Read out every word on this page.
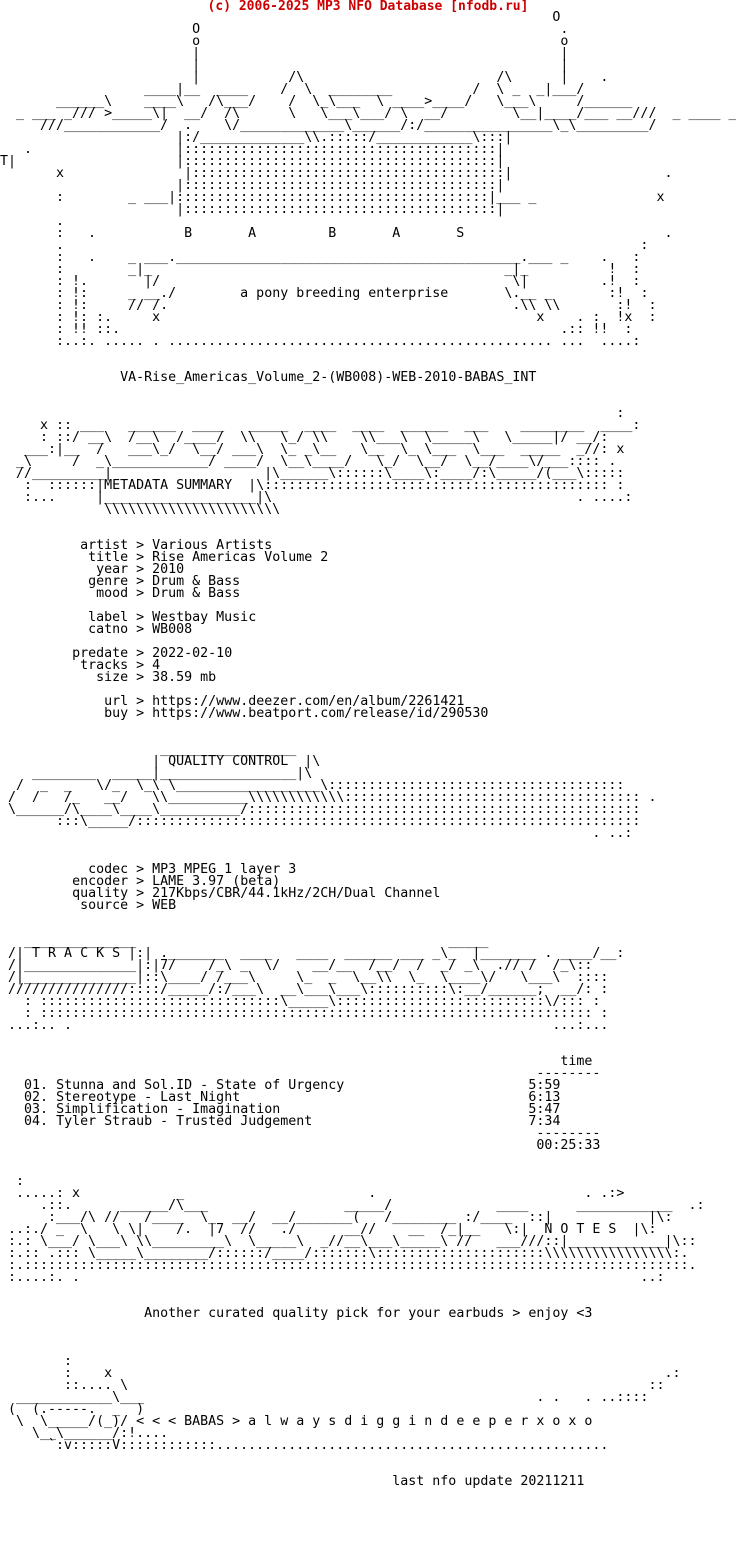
(c) 2006-2025 MP3 NFO Database [nfodb.ru]
O
O                                             .
o                                             o
|                                             |
|                                             |
|           /\                        /\      |    .
____|__  ____    /  \  ________          /  \ _  _|___/
______\    ____\   /\___/    /  \_\___  \ ____>____/   \___\     /______
_ ___ _/// >_____\|  __/  /\      \   \___\___/ \  __/        \__|____/___ __///  _ ____ _
///____________/  .    \/_____________\______/:/________________\_\_________/
|:/_____________\\.:::::/____________\:::|
.                  |:::::::::::::::::::::::::::::::::::::::|
T|                    |:::::::::::::::::::::::::::::::::::::::|
x               |:::::::::::::::::::::::::::::::::::::::|                   .
|:::::::::::::::::::::::::::::::::::::::|
:        _ ___|:::::::::::::::::::::::::::::::::::::::|___ _               x
|:::::::::::::::::::::::::::::::::::::::|
.
:   .	B       A         B       A       S	.
.                                                                        :
:   .    _ ___.___________________________________________.___ _    .   :
:        _|_                                            _|_          !  :
: !.       |/                                            \|         .!  :
: !:     _ __./	a pony breeding enterprise	\.__ _       :!  :
: !:     // /.                                           .\\ \\       :!  :
: !: :.     x                                               x    . :  !x  :
: !! ::.                                                       .:: !!  :
:..:. ..... . ................................................ ...  ....:

VA-Rise_Americas_Volume_2-(WB008)-WEB-2010-BABAS_INT

:
x :: ___   ______  ____   _____  ____  ____  ______  ___    ________  ____:
: ::/ __\  /__\  /____/  \\   \_/ \\    \\___\  \_____\   \_____|/ __/:
___:|__  /   ___\_/  \__/ ___\  \_ _\__   \__  \_ \___  \___  _____  _//: x
_\     /  _\____________/ ____/  \__\____/   \_/  \__/  \__/____\/___:::: .
//_________|                   |\______\::::::\____\:____/:\_____/(___\:::::
:  ::::::|METADATA SUMMARY  |\::::::::::::::::::::::::::::::::::::::::::: :
:...     |___________________|\                                      . ....:
\\\\\\\\\\\\\\\\\\\\\\

artist > Various Artists
title > Rise Americas Volume 2
year > 2010
genre > Drum & Bass
mood > Drum & Bass

label > Westbay Music
catno > WB008

predate > 2022-02-10
tracks > 4
size > 38.59 mb

url > https://www.deezer.com/en/album/2261421
buy > https://www.beatport.com/release/id/290530

_________________
| QUALITY CONTROL  |\
________  _____|_________________|\
/  _  _   \/_  \_\ \__________________\:::::::::::::::::::::::::::::::::::::
/  /   /_   __/   \\__________\\\\\\\\\\\\::::::::::::::::::::::::::::::::::::: .
\______/\____\____\__________/:::::::::::::::::::::::::::::::::::::::::::::::::
:::\_____/:::::::::::::::::::::::::::::::::::::::::::::::::::::::::::::::
. ..:

codec > MP3 MPEG 1 layer 3
encoder > LAME 3.97 (beta)
quality > 217Kbps/CBR/44.1kHz/2CH/Dual Channel
source > WEB

______________                                       _____
/| T R A C K S |:| ._______  ____   ____  ______ ___ _\_  |_______ . ____/__:
/|______________|:|7/    /_\ _  \/    __/__  /__/  /  _/ _\  .// /  /_\::
/|______________|::\____/ /___\     \_  _  \__\\  \_  \____\/   \___\  ::::
///////////////::::/_____/:/___\  __\___\___\::::::::::\:__/______;  __/: :
: ::::::::::::::::::::::::::::::\_____\::::::::::::::::::::::::::\/::: :
: ::::::::::::::::::::::::::::::::::::::::::::::::::::::::::::::::::::: :
...:.. .                                                            ...:...

time
--------
01. Stunna and Sol.ID - State of Urgency	5:59
02. Stereotype - Last Night	6:13
03. Simplification - Imagination	5:47
04. Tyler Straub - Trusted Judgement	7:34
--------
00:25:33

:
.....: x            _                       .                          . .:>
.::.      ______/\___                 _____/             ____      ____________  .:
:___/\ //   /____  \_  __/  __/_______(   /________ :/____  ::|            |\:
..:./ _  \   \ \|    /.  |7  //   ./      __//    __  /_|__   \:|  N O T E S  |\:
:.: \___/ \___\ \\_________\  \_____\  _//__\___\_____\ //   ___///::|____________|\::
:.:: .::: \_____\________/::::::/____/:::::::\:::::::::::::::::::::\\\\\\\\\\\\\\\\:.
:.:::::::::::::::::::::::::::::::::::::::::::::::::::::::::::::::::::::::::::::::::::.
:....:. .                                                                      ..:

Another curated quality pick for your earbuds > enjoy <3

:
:    x                                                                     .:
::.... \                                                                 ::
____________\___                                                 . .   . ..::::
(  (.-----.  _  )
\  \_____/(_)/ < < < BABAS > a l w a y s d i g g i n d e e p e r x o x o
\__\______/:!....
`:v:::::V::::::::::::.................................................

last nfo update 20211211
